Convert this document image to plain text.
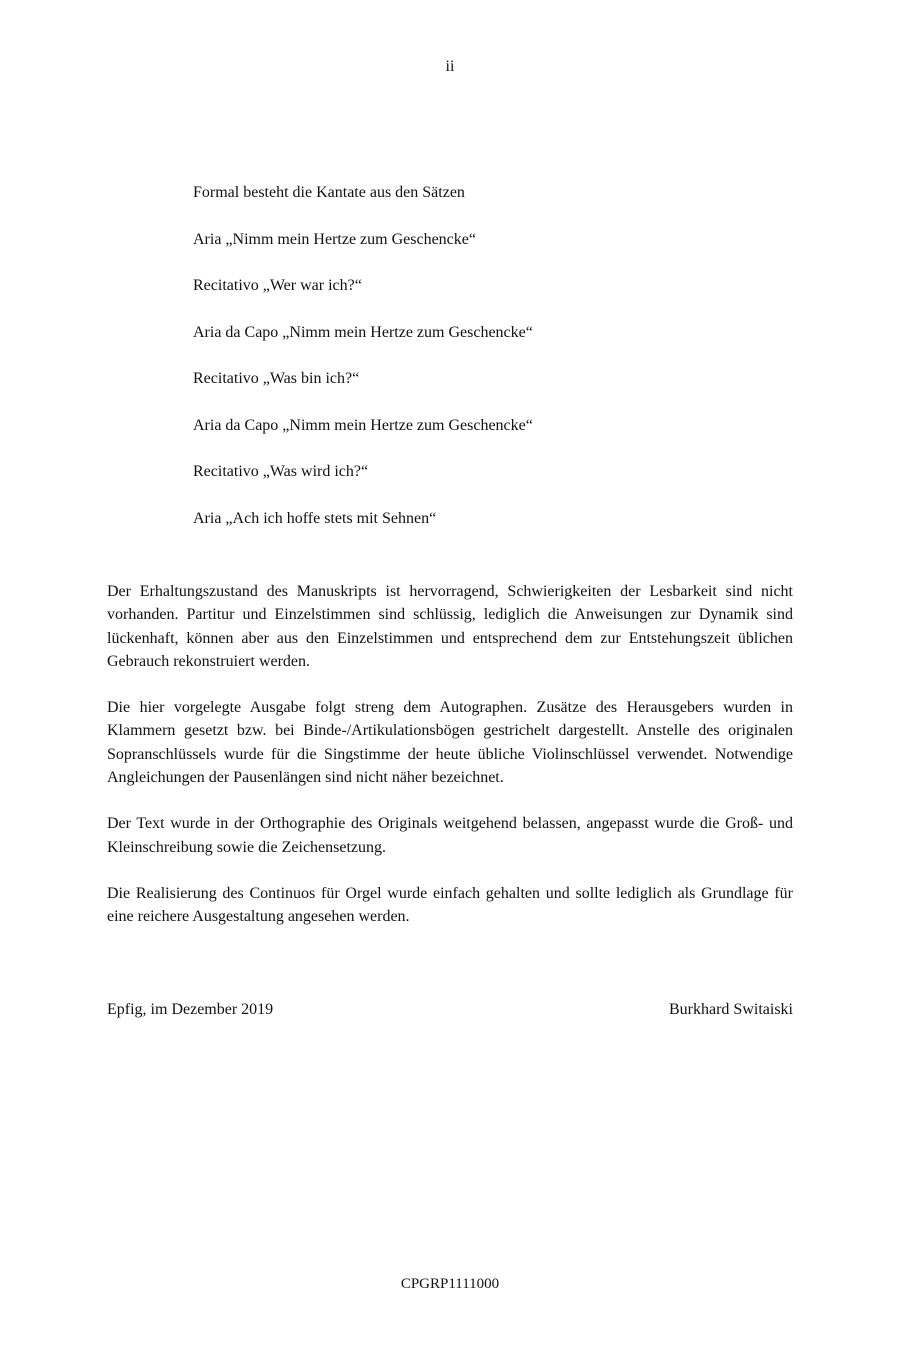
ii
Formal besteht die Kantate aus den Sätzen
Aria „Nimm mein Hertze zum Geschencke“
Recitativo „Wer war ich?“
Aria da Capo „Nimm mein Hertze zum Geschencke“
Recitativo „Was bin ich?“
Aria da Capo „Nimm mein Hertze zum Geschencke“
Recitativo „Was wird ich?“
Aria „Ach ich hoffe stets mit Sehnen“

Der Erhaltungszustand des Manuskripts ist hervorragend, Schwierigkeiten der Lesbarkeit sind nicht vorhanden. Partitur und Einzelstimmen sind schlüssig, lediglich die Anweisungen zur Dynamik sind lückenhaft, können aber aus den Einzelstimmen und entsprechend dem zur Entstehungszeit üblichen Gebrauch rekonstruiert werden.

Die hier vorgelegte Ausgabe folgt streng dem Autographen. Zusätze des Herausgebers wurden in Klammern gesetzt bzw. bei Binde-/Artikulationsbögen gestrichelt dargestellt. Anstelle des originalen Sopranschlüssels wurde für die Singstimme der heute übliche Violinschlüssel verwendet. Notwendige Angleichungen der Pausenlängen sind nicht näher bezeichnet.

Der Text wurde in der Orthographie des Originals weitgehend belassen, angepasst wurde die Groß- und Kleinschreibung sowie die Zeichensetzung.

Die Realisierung des Continuos für Orgel wurde einfach gehalten und sollte lediglich als Grundlage für eine reichere Ausgestaltung angesehen werden.

Epfig, im Dezember 2019	Burkhard Switaiski
CPGRP1111000
